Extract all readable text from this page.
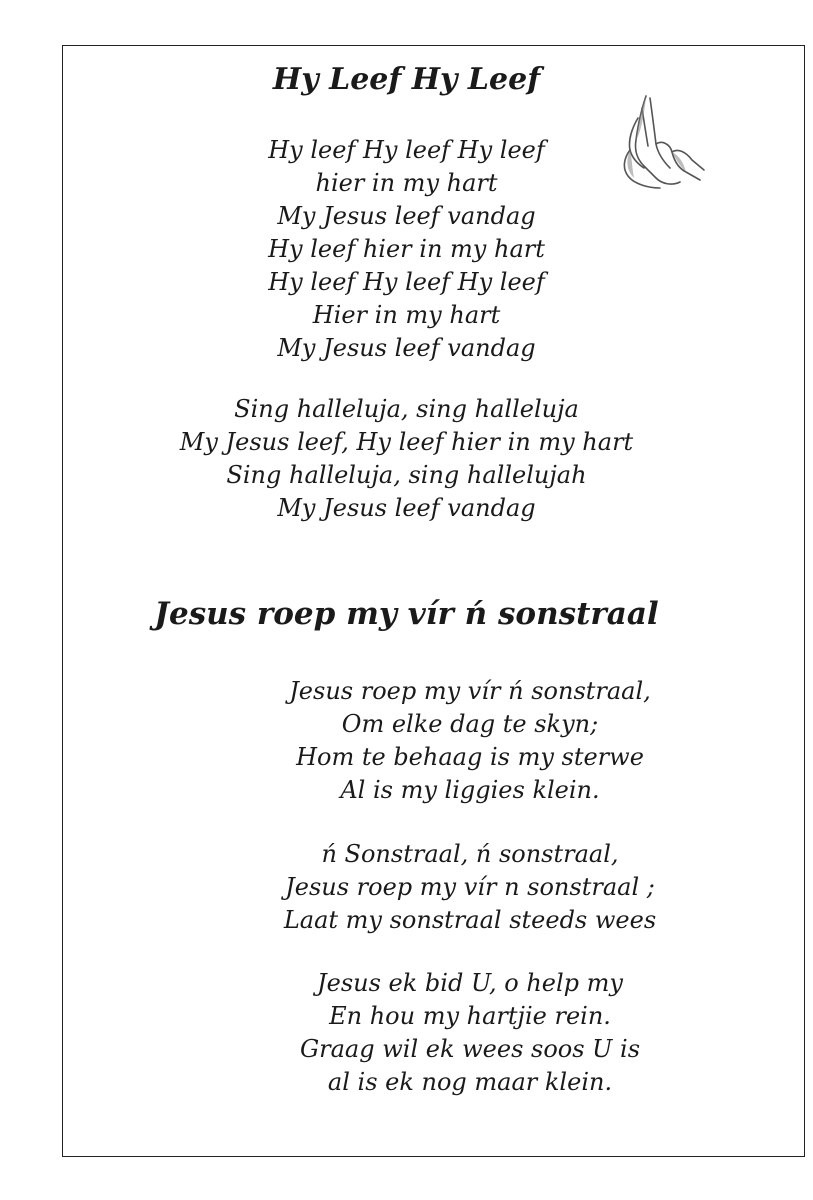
Hy Leef Hy Leef
Hy leef Hy leef Hy leef
hier in my hart
My Jesus leef vandag
Hy leef hier in my hart
Hy leef Hy leef Hy leef
Hier in my hart
My Jesus leef vandag
Sing halleluja, sing halleluja
My Jesus leef, Hy leef hier in my hart
Sing halleluja, sing hallelujah
My Jesus leef vandag
Jesus roep my vír ń sonstraal
Jesus roep my vír ń sonstraal,
Om elke dag te skyn;
Hom te behaag is my sterwe
Al is my liggies klein.
ń Sonstraal, ń sonstraal,
Jesus roep my vír n sonstraal ;
Laat my sonstraal steeds wees
Jesus ek bid U, o help my
En hou my hartjie rein.
Graag wil ek wees soos U is
al is ek nog maar klein.
